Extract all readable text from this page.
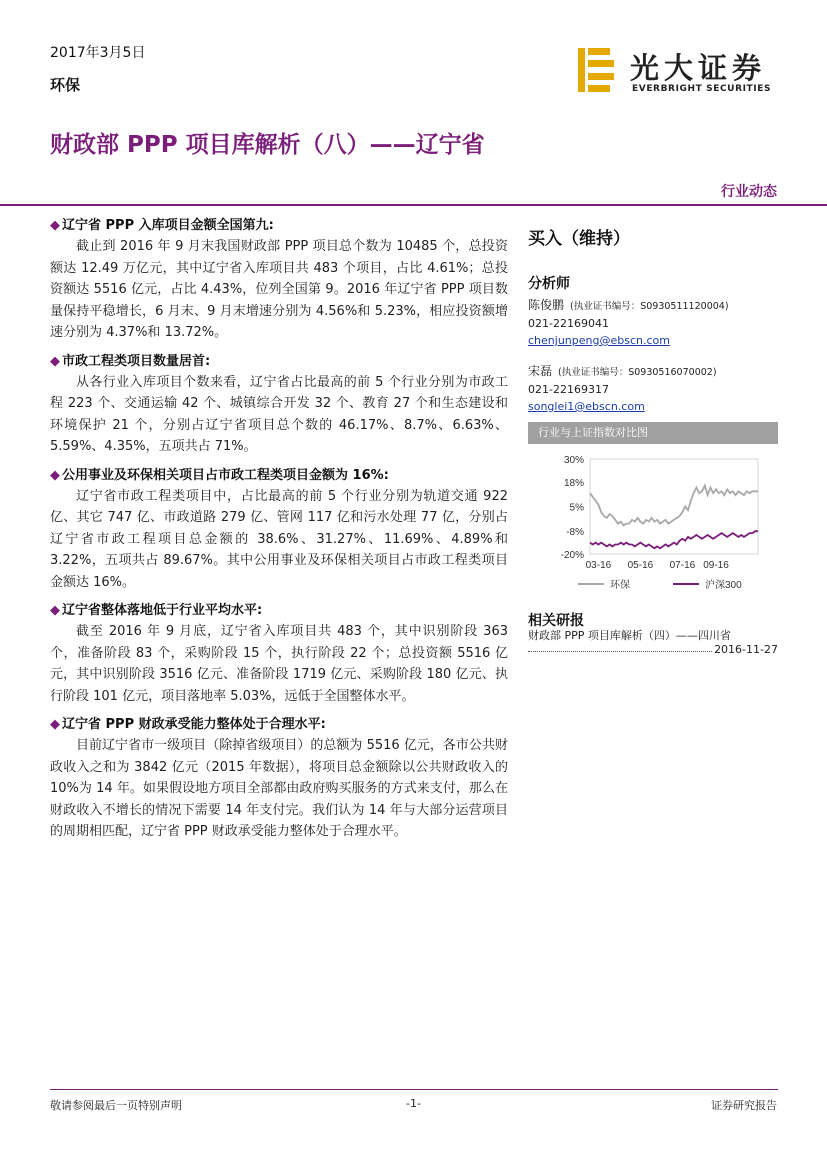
2017年3月5日
环保	光大证券
EVERBRIGHT SECURITIES
财政部 PPP 项目库解析（八）——辽宁省
行业动态
◆ 辽宁省 PPP 入库项目金额全国第九:
截止到 2016 年 9 月末我国财政部 PPP 项目总个数为 10485 个，总投资额达 12.49 万亿元，其中辽宁省入库项目共 483 个项目，占比 4.61%；总投资额达 5516 亿元，占比 4.43%，位列全国第 9。2016 年辽宁省 PPP 项目数量保持平稳增长，6 月末、9 月末增速分别为 4.56%和 5.23%，相应投资额增速分别为 4.37%和 13.72%。
◆ 市政工程类项目数量居首:
从各行业入库项目个数来看，辽宁省占比最高的前 5 个行业分别为市政工程 223 个、交通运输 42 个、城镇综合开发 32 个、教育 27 个和生态建设和环境保护 21 个，分别占辽宁省项目总个数的 46.17%、8.7%、6.63%、5.59%、4.35%，五项共占 71%。
◆ 公用事业及环保相关项目占市政工程类项目金额为 16%:
辽宁省市政工程类项目中，占比最高的前 5 个行业分别为轨道交通 922 亿、其它 747 亿、市政道路 279 亿、管网 117 亿和污水处理 77 亿，分别占辽宁省市政工程项目总金额的 38.6%、31.27%、11.69%、4.89%和 3.22%，五项共占 89.67%。其中公用事业及环保相关项目占市政工程类项目金额达 16%。
◆ 辽宁省整体落地低于行业平均水平:
截至 2016 年 9 月底，辽宁省入库项目共 483 个，其中识别阶段 363 个，准备阶段 83 个，采购阶段 15 个，执行阶段 22 个；总投资额 5516 亿元，其中识别阶段 3516 亿元、准备阶段 1719 亿元、采购阶段 180 亿元、执行阶段 101 亿元，项目落地率 5.03%，远低于全国整体水平。
◆ 辽宁省 PPP 财政承受能力整体处于合理水平:
目前辽宁省市一级项目（除掉省级项目）的总额为 5516 亿元，各市公共财政收入之和为 3842 亿元（2015 年数据），将项目总金额除以公共财政收入的 10%为 14 年。如果假设地方项目全部都由政府购买服务的方式来支付，那么在财政收入不增长的情况下需要 14 年支付完。我们认为 14 年与大部分运营项目的周期相匹配，辽宁省 PPP 财政承受能力整体处于合理水平。
买入（维持）
分析师
陈俊鹏 (执业证书编号：S0930511120004)
021-22169041
chenjunpeng@ebscn.com
宋磊 (执业证书编号：S0930516070002)
021-22169317
songlei1@ebscn.com
行业与上证指数对比图
30%
18%
5%
-8%
-20%
03-16 05-16 07-16 09-16
环保	沪深300
相关研报
财政部 PPP 项目库解析（四）——四川省
2016-11-27
敬请参阅最后一页特别声明	-1-	证券研究报告
